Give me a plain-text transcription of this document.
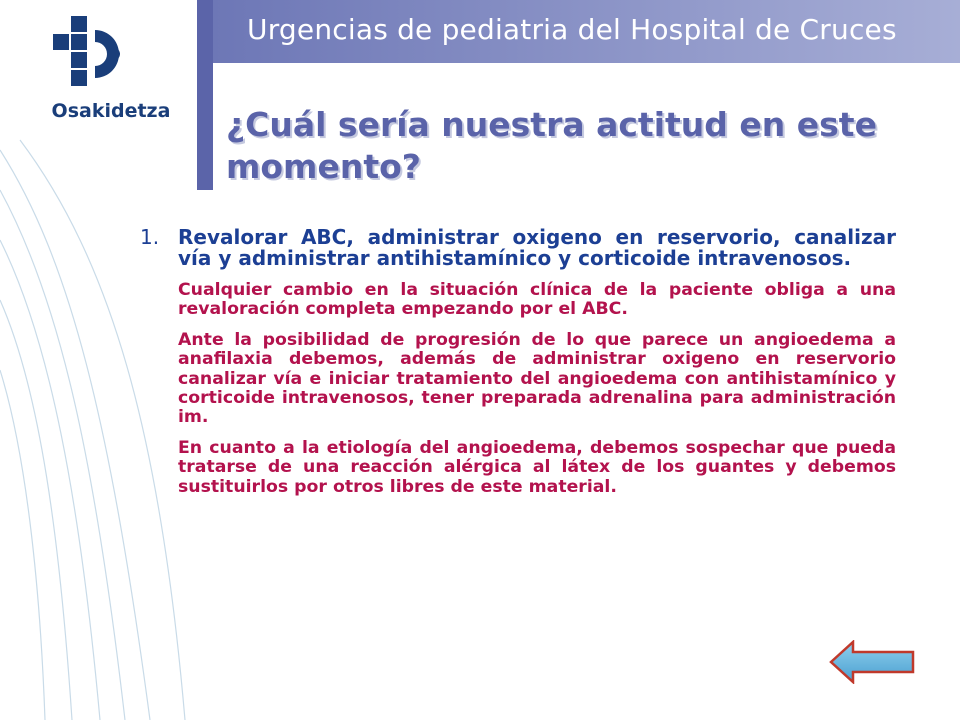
Osakidetza
Urgencias de pediatria del Hospital de Cruces
¿Cuál sería nuestra actitud en este momento?
1. Revalorar ABC, administrar oxigeno en reservorio, canalizar vía y administrar antihistamínico y corticoide intravenosos.

Cualquier cambio en la situación clínica de la paciente obliga a una revaloración completa empezando por el ABC.

Ante la posibilidad de progresión de lo que parece un angioedema a anafilaxia debemos, además de administrar oxigeno en reservorio canalizar vía e iniciar tratamiento del angioedema con antihistamínico y corticoide intravenosos, tener preparada adrenalina para administración im.

En cuanto a la etiología del angioedema, debemos sospechar que pueda tratarse de una reacción alérgica al látex de los guantes y debemos sustituirlos por otros libres de este material.
